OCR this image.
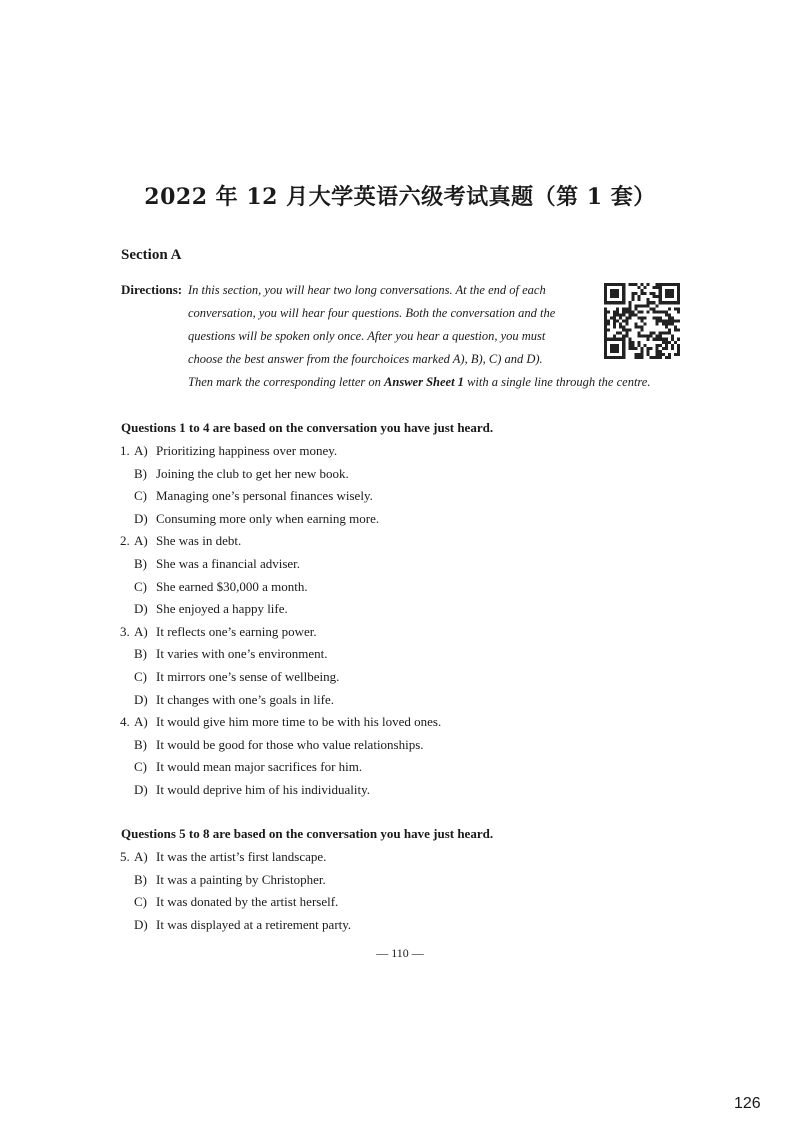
2022 年 12 月大学英语六级考试真题（第 1 套）
Section A
Directions: In this section, you will hear two long conversations. At the end of each
conversation, you will hear four questions. Both the conversation and the
questions will be spoken only once. After you hear a question, you must
choose the best answer from the fourchoices marked A), B), C) and D).
Then mark the corresponding letter on Answer Sheet 1 with a single line through the centre.
Questions 1 to 4 are based on the conversation you have just heard.
1. A) Prioritizing happiness over money.
B) Joining the club to get her new book.
C) Managing one’s personal finances wisely.
D) Consuming more only when earning more.
2. A) She was in debt.
B) She was a financial adviser.
C) She earned $30,000 a month.
D) She enjoyed a happy life.
3. A) It reflects one’s earning power.
B) It varies with one’s environment.
C) It mirrors one’s sense of wellbeing.
D) It changes with one’s goals in life.
4. A) It would give him more time to be with his loved ones.
B) It would be good for those who value relationships.
C) It would mean major sacrifices for him.
D) It would deprive him of his individuality.
Questions 5 to 8 are based on the conversation you have just heard.
5. A) It was the artist’s first landscape.
B) It was a painting by Christopher.
C) It was donated by the artist herself.
D) It was displayed at a retirement party.
— 110 —
126
